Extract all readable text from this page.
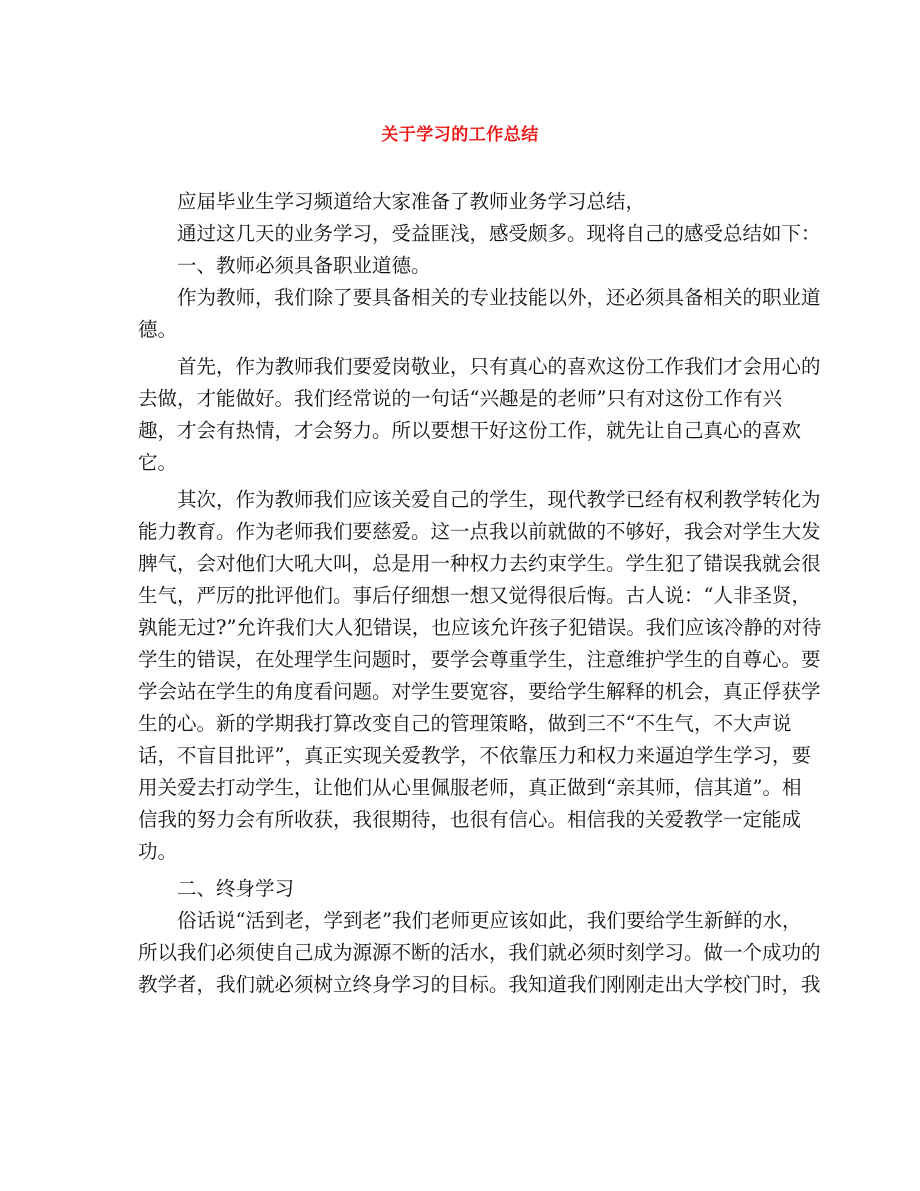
关于学习的工作总结
应届毕业生学习频道给大家准备了教师业务学习总结，
通过这几天的业务学习，受益匪浅，感受颇多。现将自己的感受总结如下：
一、教师必须具备职业道德。
作为教师，我们除了要具备相关的专业技能以外，还必须具备相关的职业道
德。
首先，作为教师我们要爱岗敬业，只有真心的喜欢这份工作我们才会用心的
去做，才能做好。我们经常说的一句话“兴趣是的老师”只有对这份工作有兴
趣，才会有热情，才会努力。所以要想干好这份工作，就先让自己真心的喜欢
它。
其次，作为教师我们应该关爱自己的学生，现代教学已经有权利教学转化为
能力教育。作为老师我们要慈爱。这一点我以前就做的不够好，我会对学生大发
脾气，会对他们大吼大叫，总是用一种权力去约束学生。学生犯了错误我就会很
生气，严厉的批评他们。事后仔细想一想又觉得很后悔。古人说：“人非圣贤，
孰能无过?”允许我们大人犯错误，也应该允许孩子犯错误。我们应该冷静的对待
学生的错误，在处理学生问题时，要学会尊重学生，注意维护学生的自尊心。要
学会站在学生的角度看问题。对学生要宽容，要给学生解释的机会，真正俘获学
生的心。新的学期我打算改变自己的管理策略，做到三不“不生气，不大声说
话，不盲目批评”，真正实现关爱教学，不依靠压力和权力来逼迫学生学习，要
用关爱去打动学生，让他们从心里佩服老师，真正做到“亲其师，信其道”。相
信我的努力会有所收获，我很期待，也很有信心。相信我的关爱教学一定能成
功。
二、终身学习
俗话说“活到老，学到老”我们老师更应该如此，我们要给学生新鲜的水，
所以我们必须使自己成为源源不断的活水，我们就必须时刻学习。做一个成功的
教学者，我们就必须树立终身学习的目标。我知道我们刚刚走出大学校门时，我
